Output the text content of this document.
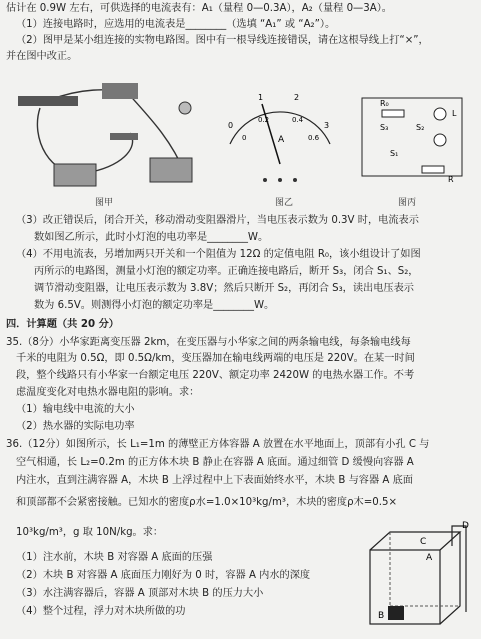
估计在 0.9W 左右，可供选择的电流表有：A₁（量程 0—0.3A），A₂（量程 0—3A）。
（1）连接电路时，应选用的电流表是________（选填 “A₁” 或 “A₂”）。
（2）图甲是某小组连接的实物电路图。图中有一根导线连接错误，请在这根导线上打“×”，
并在图中改正。
图甲
0
1	2
3
0
0.2	0.4
0.6
A
图乙
R₀
L
S₃	S₂
S₁
R
图丙
（3）改正错误后，闭合开关，移动滑动变阻器滑片，当电压表示数为 0.3V 时，电流表示
数如图乙所示，此时小灯泡的电功率是________W。
（4）不用电流表，另增加两只开关和一个阻值为 12Ω 的定值电阻 R₀，该小组设计了如图
丙所示的电路图，测量小灯泡的额定功率。正确连接电路后，断开 S₃，闭合 S₁、S₂，
调节滑动变阻器，让电压表示数为 3.8V；然后只断开 S₂，再闭合 S₃，读出电压表示
数为 6.5V。则测得小灯泡的额定功率是________W。
四．计算题（共 20 分）
35.（8分）小华家距离变压器 2km，在变压器与小华家之间的两条输电线，每条输电线每
千米的电阻为 0.5Ω，即 0.5Ω/km，变压器加在输电线两端的电压是 220V。在某一时间
段，整个线路只有小华家一台额定电压 220V、额定功率 2420W 的电热水器工作。不考
虑温度变化对电热水器电阻的影响。求：
（1）输电线中电流的大小
（2）热水器的实际电功率
36.（12分）如图所示，长 L₁=1m 的薄壁正方体容器 A 放置在水平地面上，顶部有小孔 C 与
空气相通，长 L₂=0.2m 的正方体木块 B 静止在容器 A 底面。通过细管 D 缓慢向容器 A
内注水，直到注满容器 A，木块 B 上浮过程中上下表面始终水平，木块 B 与容器 A 底面
和顶部都不会紧密接触。已知水的密度ρ水=1.0×10³kg/m³，木块的密度ρ木=0.5×
10³kg/m³，g 取 10N/kg。求：
（1）注水前，木块 B 对容器 A 底面的压强
（2）木块 B 对容器 A 底面压力刚好为 0 时，容器 A 内水的深度
（3）水注满容器后，容器 A 顶部对木块 B 的压力大小
（4）整个过程，浮力对木块所做的功
D
C
A
B
